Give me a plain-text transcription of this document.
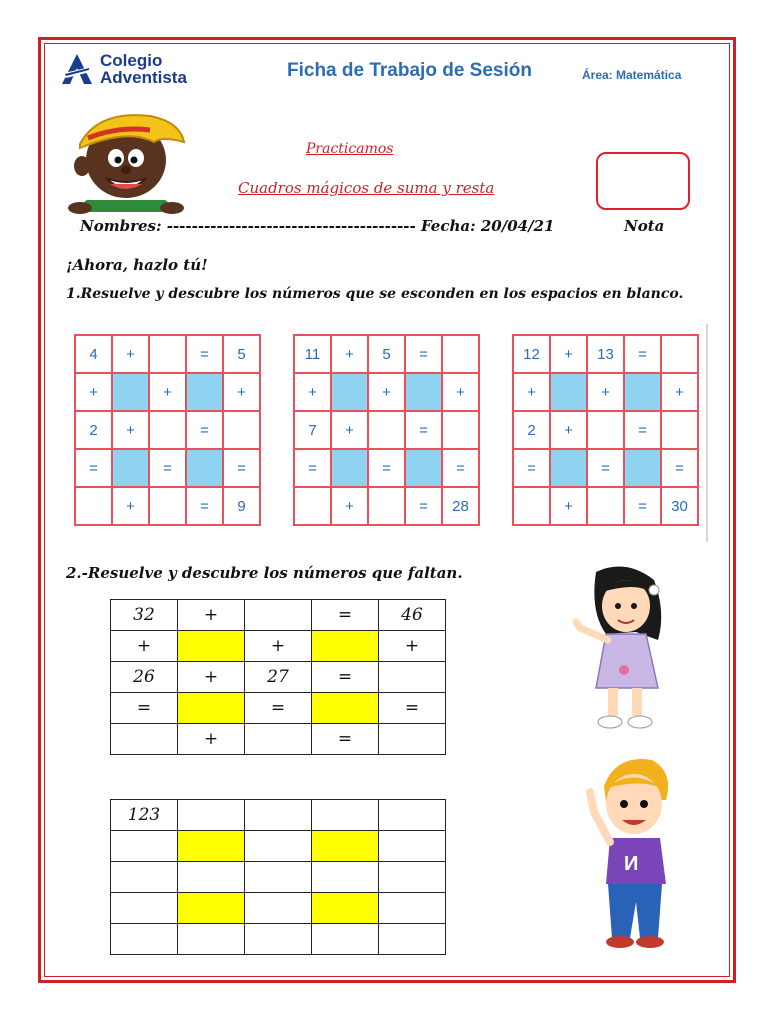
Colegio
Adventista	Ficha de Trabajo de Sesión	Área: Matemática
Practicamos
Cuadros mágicos de suma y resta
Nombres: ---------------------------------------- Fecha: 20/04/21	Nota
¡Ahora, hazlo tú!
1.Resuelve y descubre los números que se esconden en los espacios en blanco.
4	+		=	5
+		+		+
2	+		=	
=		=		=
	+		=	9
11	+	5	=	
+		+		+
7	+		=	
=		=		=
	+		=	28
12	+	13	=	
+		+		+
2	+		=	
=		=		=
	+		=	30
2.-Resuelve y descubre los números que faltan.
32	+		=	46
+		+		+
26	+	27	=	
=		=		=
	+		=	
123				

И
